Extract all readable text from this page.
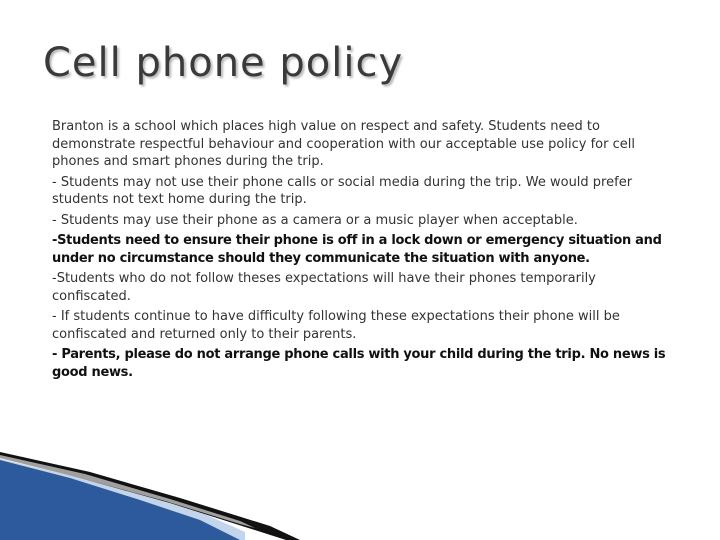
Cell phone policy

Branton is a school which places high value on respect and safety. Students need to demonstrate respectful behaviour and cooperation with our acceptable use policy for cell phones and smart phones during the trip.

- Students may not use their phone calls or social media during the trip. We would prefer students not text home during the trip.

- Students may use their phone as a camera or a music player when acceptable.

-Students need to ensure their phone is off in a lock down or emergency situation and under no circumstance should they communicate the situation with anyone.

-Students who do not follow theses expectations will have their phones temporarily confiscated.

- If students continue to have difficulty following these expectations their phone will be confiscated and returned only to their parents.

- Parents, please do not arrange phone calls with your child during the trip. No news is good news.
